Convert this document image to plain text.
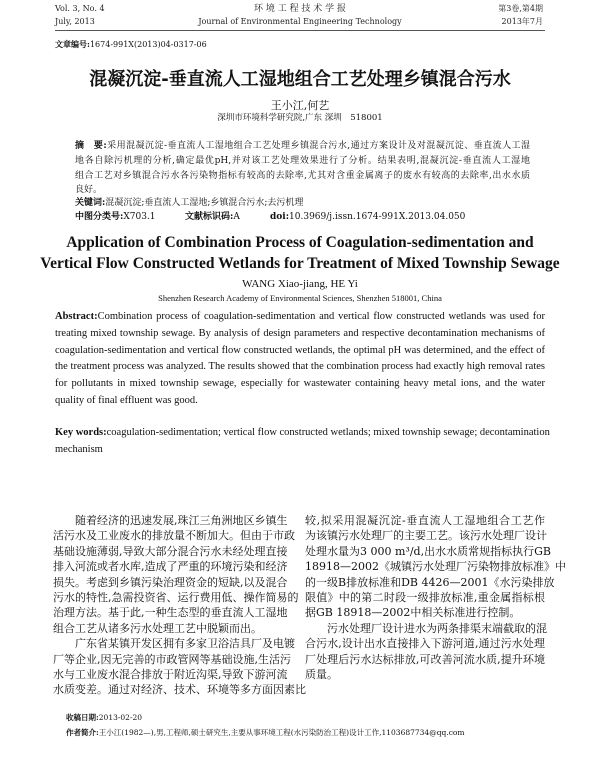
Vol. 3, No. 4
July, 2013
环 境 工 程 技 术 学 报
Journal of Environmental Engineering Technology
第3卷,第4期
2013年7月
文章编号:1674-991X(2013)04-0317-06
混凝沉淀-垂直流人工湿地组合工艺处理乡镇混合污水
王小江,何艺
深圳市环境科学研究院,广东 深圳　518001
摘　要:采用混凝沉淀-垂直流人工湿地组合工艺处理乡镇混合污水,通过方案设计及对混凝沉淀、垂直流人工湿
地各自除污机理的分析,确定最优pH,并对该工艺处理效果进行了分析。结果表明,混凝沉淀-垂直流人工湿地
组合工艺对乡镇混合污水各污染物指标有较高的去除率,尤其对含重金属离子的废水有较高的去除率,出水水质
良好。
关键词:混凝沉淀;垂直流人工湿地;乡镇混合污水;去污机理
中图分类号:X703.1	文献标识码:A	doi:10.3969/j.issn.1674-991X.2013.04.050
Application of Combination Process of Coagulation-sedimentation and
Vertical Flow Constructed Wetlands for Treatment of Mixed Township Sewage
WANG Xiao-jiang, HE Yi
Shenzhen Research Academy of Environmental Sciences, Shenzhen 518001, China
Abstract:Combination process of coagulation-sedimentation and vertical flow constructed wetlands was used for
treating mixed township sewage. By analysis of design parameters and respective decontamination mechanisms of
coagulation-sedimentation and vertical flow constructed wetlands, the optimal pH was determined, and the effect of
the treatment process was analyzed. The results showed that the combination process had exactly high removal rates
for pollutants in mixed township sewage, especially for wastewater containing heavy metal ions, and the water
quality of final effluent was good.
Key words:coagulation-sedimentation; vertical flow constructed wetlands; mixed township sewage; decontamination
mechanism
随着经济的迅速发展,珠江三角洲地区乡镇生
活污水及工业废水的排放量不断加大。但由于市政
基础设施薄弱,导致大部分混合污水未经处理直接
排入河流或者水库,造成了严重的环境污染和经济
损失。考虑到乡镇污染治理资金的短缺,以及混合
污水的特性,急需投资省、运行费用低、操作简易的
治理方法。基于此,一种生态型的垂直流人工湿地
组合工艺从诸多污水处理工艺中脱颖而出。
广东省某镇开发区拥有多家卫浴洁具厂及电镀
厂等企业,因无完善的市政管网等基础设施,生活污
水与工业废水混合排放于附近沟渠,导致下游河流
水质变差。通过对经济、技术、环境等多方面因素比
较,拟采用混凝沉淀-垂直流人工湿地组合工艺作
为该镇污水处理厂的主要工艺。该污水处理厂设计
处理水量为3 000 m³/d,出水水质常规指标执行GB
18918—2002《城镇污水处理厂污染物排放标准》中
的一级B排放标准和DB 4426—2001《水污染排放
限值》中的第二时段一级排放标准,重金属指标根
据GB 18918—2002中相关标准进行控制。
污水处理厂设计进水为两条排渠末端截取的混
合污水,设计出水直接排入下游河道,通过污水处理
厂处理后污水达标排放,可改善河流水质,提升环境
质量。
收稿日期:2013-02-20
作者简介:王小江(1982—),男,工程师,硕士研究生,主要从事环境工程(水污染防治工程)设计工作,1103687734@qq.com
